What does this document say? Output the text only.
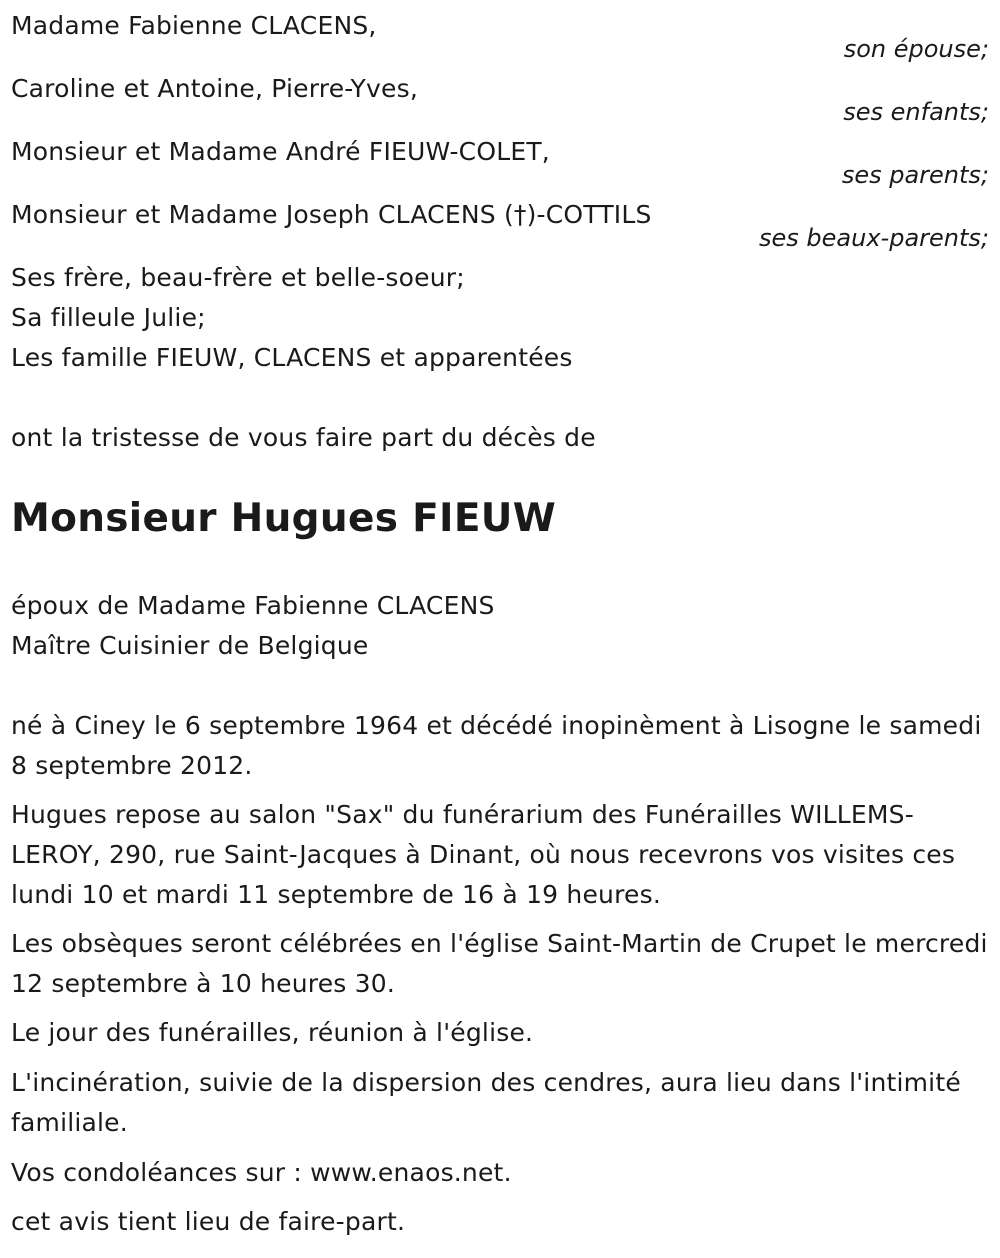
Madame Fabienne CLACENS,
son épouse;
Caroline et Antoine, Pierre-Yves,
ses enfants;
Monsieur et Madame André FIEUW-COLET,
ses parents;
Monsieur et Madame Joseph CLACENS (†)-COTTILS
ses beaux-parents;
Ses frère, beau-frère et belle-soeur;
Sa filleule Julie;
Les famille FIEUW, CLACENS et apparentées
ont la tristesse de vous faire part du décès de
Monsieur Hugues FIEUW
époux de Madame Fabienne CLACENS
Maître Cuisinier de Belgique
né à Ciney le 6 septembre 1964 et décédé inopinèment à Lisogne le samedi 8 septembre 2012.
Hugues repose au salon "Sax" du funérarium des Funérailles WILLEMS-LEROY, 290, rue Saint-Jacques à Dinant, où nous recevrons vos visites ces lundi 10 et mardi 11 septembre de 16 à 19 heures.
Les obsèques seront célébrées en l'église Saint-Martin de Crupet le mercredi 12 septembre à 10 heures 30.
Le jour des funérailles, réunion à l'église.
L'incinération, suivie de la dispersion des cendres, aura lieu dans l'intimité familiale.
Vos condoléances sur : www.enaos.net.
cet avis tient lieu de faire-part.
